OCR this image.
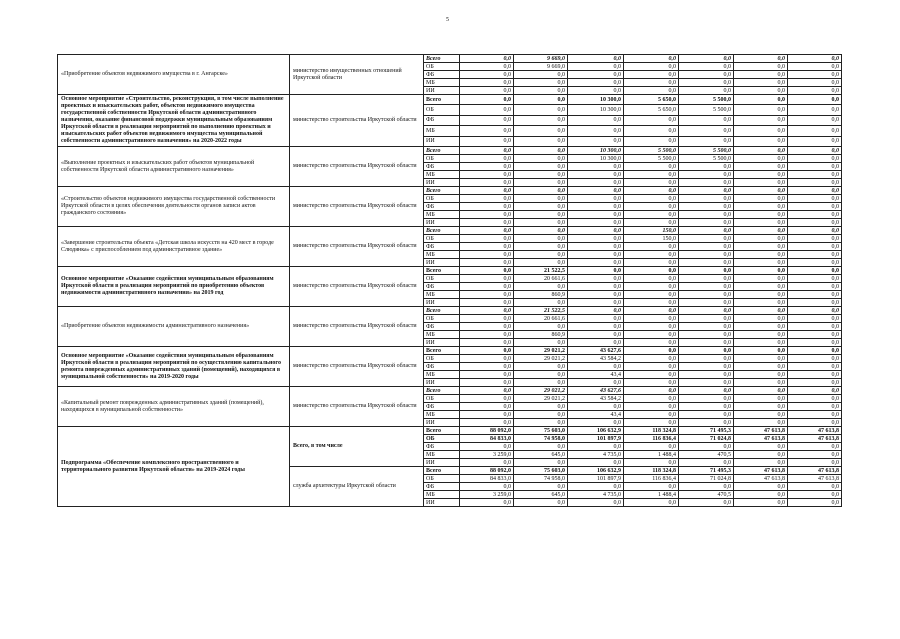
5
«Приобретение объектов недвижимого имущества в г. Ангарске»	министерство имущественных отношений Иркутской области	Всего	0,0	9 669,0	0,0	0,0	0,0	0,0	0,0
		ОБ	0,0	9 669,0	0,0	0,0	0,0	0,0	0,0
		ФБ	0,0	0,0	0,0	0,0	0,0	0,0	0,0
		МБ	0,0	0,0	0,0	0,0	0,0	0,0	0,0
		ИИ	0,0	0,0	0,0	0,0	0,0	0,0	0,0
Основное мероприятие «Строительство, реконструкция, в том числе выполнение проектных и изыскательских работ, объектов недвижимого имущества государственной собственности Иркутской области административного назначения, оказание финансовой поддержки муниципальным образованиям Иркутской области в реализации мероприятий по выполнению проектных и изыскательских работ объектов недвижимого имущества муниципальной собственности административного назначения» на 2020-2022 годы	министерство строительства Иркутской области	Всего	0,0	0,0	10 300,0	5 650,0	5 500,0	0,0	0,0
		ОБ	0,0	0,0	10 300,0	5 650,0	5 500,0	0,0	0,0
		ФБ	0,0	0,0	0,0	0,0	0,0	0,0	0,0
		МБ	0,0	0,0	0,0	0,0	0,0	0,0	0,0
		ИИ	0,0	0,0	0,0	0,0	0,0	0,0	0,0
«Выполнение проектных и изыскательских работ объектов муниципальной собственности Иркутской области административного назначения»	министерство строительства Иркутской области	Всего	0,0	0,0	10 300,0	5 500,0	5 500,0	0,0	0,0
		ОБ	0,0	0,0	10 300,0	5 500,0	5 500,0	0,0	0,0
		ФБ	0,0	0,0	0,0	0,0	0,0	0,0	0,0
		МБ	0,0	0,0	0,0	0,0	0,0	0,0	0,0
		ИИ	0,0	0,0	0,0	0,0	0,0	0,0	0,0
«Строительство объектов недвижимого имущества государственной собственности Иркутской области в целях обеспечения деятельности органов записи актов гражданского состояния»	министерство строительства Иркутской области	Всего	0,0	0,0	0,0	0,0	0,0	0,0	0,0
		ОБ	0,0	0,0	0,0	0,0	0,0	0,0	0,0
		ФБ	0,0	0,0	0,0	0,0	0,0	0,0	0,0
		МБ	0,0	0,0	0,0	0,0	0,0	0,0	0,0
		ИИ	0,0	0,0	0,0	0,0	0,0	0,0	0,0
«Завершение строительства объекта «Детская школа искусств на 420 мест в городе Слюдянка» с приспособлением под административное здание»	министерство строительства Иркутской области	Всего	0,0	0,0	0,0	150,0	0,0	0,0	0,0
		ОБ	0,0	0,0	0,0	150,0	0,0	0,0	0,0
		ФБ	0,0	0,0	0,0	0,0	0,0	0,0	0,0
		МБ	0,0	0,0	0,0	0,0	0,0	0,0	0,0
		ИИ	0,0	0,0	0,0	0,0	0,0	0,0	0,0
Основное мероприятие «Оказание содействия муниципальным образованиям Иркутской области в реализации мероприятий по приобретению объектов недвижимости административного назначения» на 2019 год	министерство строительства Иркутской области	Всего	0,0	21 522,5	0,0	0,0	0,0	0,0	0,0
		ОБ	0,0	20 661,6	0,0	0,0	0,0	0,0	0,0
		ФБ	0,0	0,0	0,0	0,0	0,0	0,0	0,0
		МБ	0,0	860,9	0,0	0,0	0,0	0,0	0,0
		ИИ	0,0	0,0	0,0	0,0	0,0	0,0	0,0
«Приобретение объектов недвижимости административного назначения»	министерство строительства Иркутской области	Всего	0,0	21 522,5	0,0	0,0	0,0	0,0	0,0
		ОБ	0,0	20 661,6	0,0	0,0	0,0	0,0	0,0
		ФБ	0,0	0,0	0,0	0,0	0,0	0,0	0,0
		МБ	0,0	860,9	0,0	0,0	0,0	0,0	0,0
		ИИ	0,0	0,0	0,0	0,0	0,0	0,0	0,0
Основное мероприятие «Оказание содействия муниципальным образованиям Иркутской области в реализации мероприятий по осуществлению капитального ремонта поврежденных административных зданий (помещений), находящихся в муниципальной собственности» на 2019-2020 годы	министерство строительства Иркутской области	Всего	0,0	29 021,2	43 627,6	0,0	0,0	0,0	0,0
		ОБ	0,0	29 021,2	43 584,2	0,0	0,0	0,0	0,0
		ФБ	0,0	0,0	0,0	0,0	0,0	0,0	0,0
		МБ	0,0	0,0	43,4	0,0	0,0	0,0	0,0
		ИИ	0,0	0,0	0,0	0,0	0,0	0,0	0,0
«Капитальный ремонт поврежденных административных зданий (помещений), находящихся в муниципальной собственности»	министерство строительства Иркутской области	Всего	0,0	29 021,2	43 627,6	0,0	0,0	0,0	0,0
		ОБ	0,0	29 021,2	43 584,2	0,0	0,0	0,0	0,0
		ФБ	0,0	0,0	0,0	0,0	0,0	0,0	0,0
		МБ	0,0	0,0	43,4	0,0	0,0	0,0	0,0
		ИИ	0,0	0,0	0,0	0,0	0,0	0,0	0,0
Подпрограмма «Обеспечение комплексного пространственного и территориального развития Иркутской области» на 2019-2024 годы	Всего, в том числе	Всего	88 092,0	75 603,0	106 632,9	118 324,8	71 495,3	47 613,8	47 613,8
		ОБ	84 833,0	74 958,0	101 897,9	116 836,4	71 024,8	47 613,8	47 613,8
		ФБ	0,0	0,0	0,0	0,0	0,0	0,0	0,0
		МБ	3 259,0	645,0	4 735,0	1 488,4	470,5	0,0	0,0
		ИИ	0,0	0,0	0,0	0,0	0,0	0,0	0,0
	служба архитектуры Иркутской области	Всего	88 092,0	75 603,0	106 632,9	118 324,8	71 495,3	47 613,8	47 613,8
		ОБ	84 833,0	74 958,0	101 897,9	116 836,4	71 024,8	47 613,8	47 613,8
		ФБ	0,0	0,0	0,0	0,0	0,0	0,0	0,0
		МБ	3 259,0	645,0	4 735,0	1 488,4	470,5	0,0	0,0
		ИИ	0,0	0,0	0,0	0,0	0,0	0,0	0,0
